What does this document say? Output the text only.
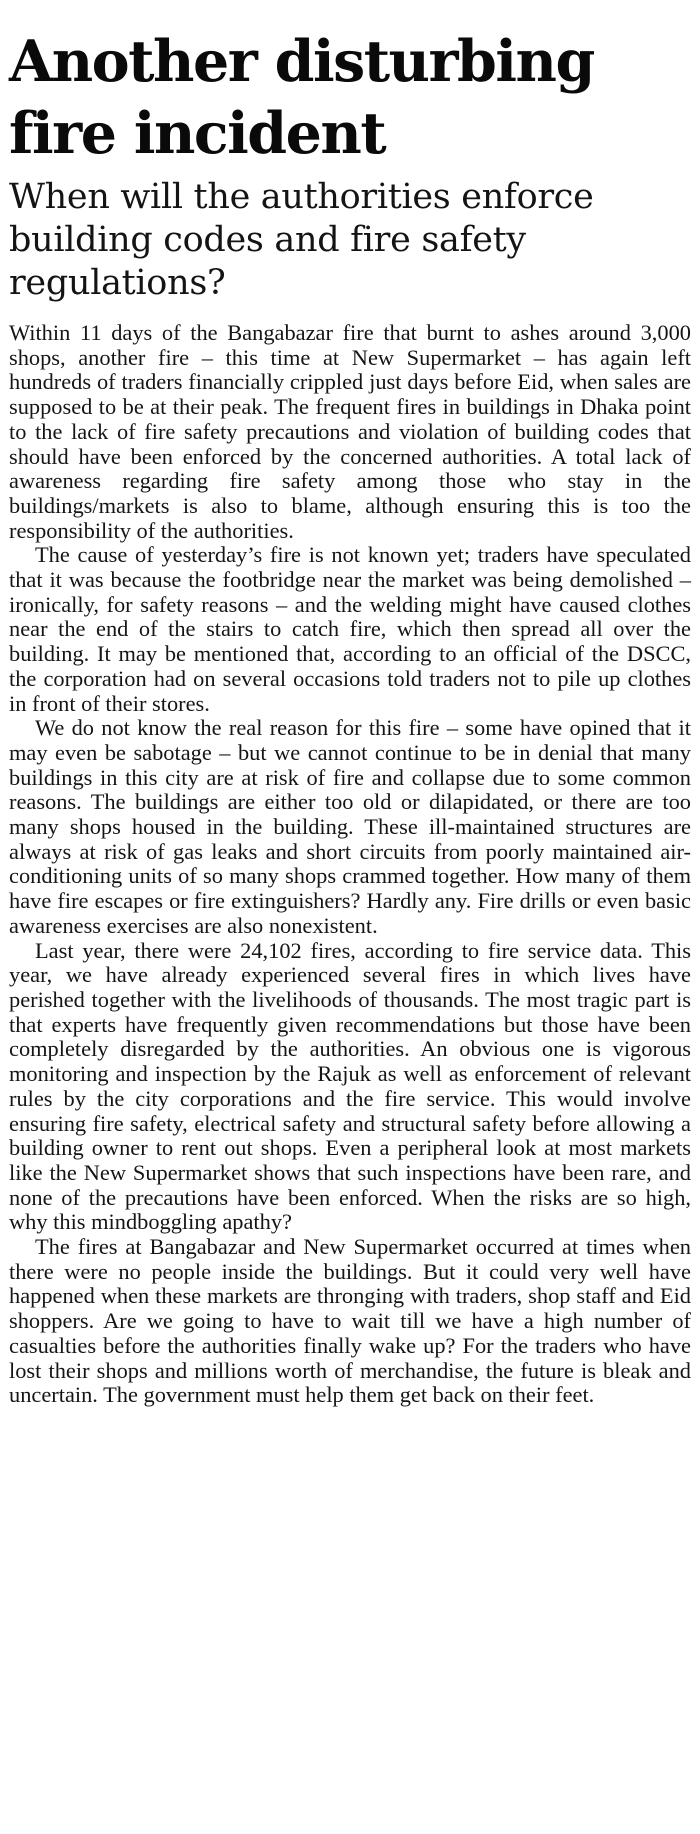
Another disturbing fire incident
When will the authorities enforce building codes and fire safety regulations?

Within 11 days of the Bangabazar fire that burnt to ashes around 3,000 shops, another fire – this time at New Supermarket – has again left hundreds of traders financially crippled just days before Eid, when sales are supposed to be at their peak. The frequent fires in buildings in Dhaka point to the lack of fire safety precautions and violation of building codes that should have been enforced by the concerned authorities. A total lack of awareness regarding fire safety among those who stay in the buildings/markets is also to blame, although ensuring this is too the responsibility of the authorities.

The cause of yesterday’s fire is not known yet; traders have speculated that it was because the footbridge near the market was being demolished – ironically, for safety reasons – and the welding might have caused clothes near the end of the stairs to catch fire, which then spread all over the building. It may be mentioned that, according to an official of the DSCC, the corporation had on several occasions told traders not to pile up clothes in front of their stores.

We do not know the real reason for this fire – some have opined that it may even be sabotage – but we cannot continue to be in denial that many buildings in this city are at risk of fire and collapse due to some common reasons. The buildings are either too old or dilapidated, or there are too many shops housed in the building. These ill-maintained structures are always at risk of gas leaks and short circuits from poorly maintained air-conditioning units of so many shops crammed together. How many of them have fire escapes or fire extinguishers? Hardly any. Fire drills or even basic awareness exercises are also nonexistent.

Last year, there were 24,102 fires, according to fire service data. This year, we have already experienced several fires in which lives have perished together with the livelihoods of thousands. The most tragic part is that experts have frequently given recommendations but those have been completely disregarded by the authorities. An obvious one is vigorous monitoring and inspection by the Rajuk as well as enforcement of relevant rules by the city corporations and the fire service. This would involve ensuring fire safety, electrical safety and structural safety before allowing a building owner to rent out shops. Even a peripheral look at most markets like the New Supermarket shows that such inspections have been rare, and none of the precautions have been enforced. When the risks are so high, why this mindboggling apathy?

The fires at Bangabazar and New Supermarket occurred at times when there were no people inside the buildings. But it could very well have happened when these markets are thronging with traders, shop staff and Eid shoppers. Are we going to have to wait till we have a high number of casualties before the authorities finally wake up? For the traders who have lost their shops and millions worth of merchandise, the future is bleak and uncertain. The government must help them get back on their feet.
